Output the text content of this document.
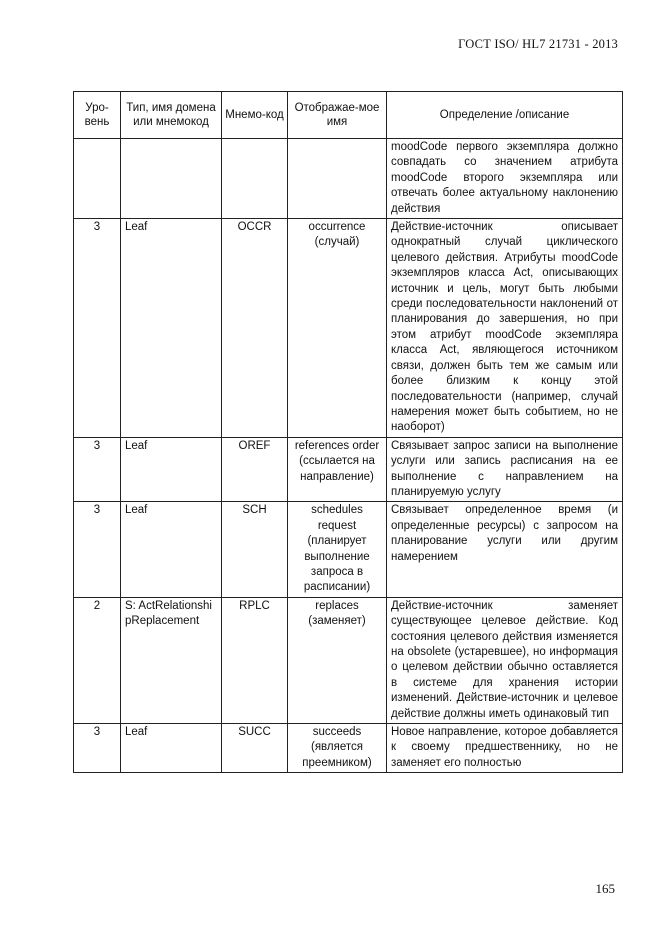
ГОСТ ISO/ HL7 21731 - 2013
Уро-вень	Тип, имя домена или мнемокод	Мнемо-код	Отображае-мое имя	Определение /описание
				moodCode первого экземпляра должно совпадать со значением атрибута moodCode второго экземпляра или отвечать более актуальному наклонению действия
3	Leaf	OCCR	occurrence (случай)	Действие-источник описывает однократный случай циклического целевого действия. Атрибуты moodCode экземпляров класса Act, описывающих источник и цель, могут быть любыми среди последовательности наклонений от планирования до завершения, но при этом атрибут moodCode экземпляра класса Act, являющегося источником связи, должен быть тем же самым или более близким к концу этой последовательности (например, случай намерения может быть событием, но не наоборот)
3	Leaf	OREF	references order (ссылается на направление)	Связывает запрос записи на выполнение услуги или запись расписания на ее выполнение с направлением на планируемую услугу
3	Leaf	SCH	schedules request (планирует выполнение запроса в расписании)	Связывает определенное время (и определенные ресурсы) с запросом на планирование услуги или другим намерением
2	S: ActRelationshipReplacement	RPLC	replaces (заменяет)	Действие-источник заменяет существующее целевое действие. Код состояния целевого действия изменяется на obsolete (устаревшее), но информация о целевом действии обычно оставляется в системе для хранения истории изменений. Действие-источник и целевое действие должны иметь одинаковый тип
3	Leaf	SUCC	succeeds (является преемником)	Новое направление, которое добавляется к своему предшественнику, но не заменяет его полностью
165
